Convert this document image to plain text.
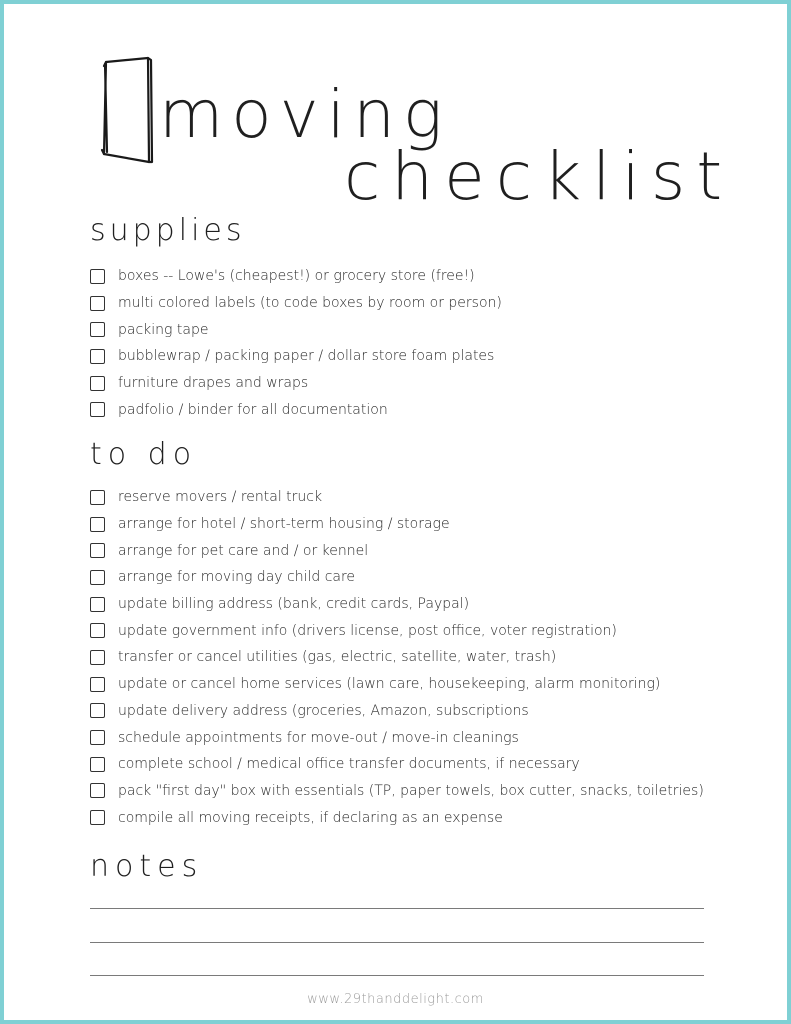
moving
checklist
supplies
boxes -- Lowe's (cheapest!) or grocery store (free!)
multi colored labels (to code boxes by room or person)
packing tape
bubblewrap / packing paper / dollar store foam plates
furniture drapes and wraps
padfolio / binder for all documentation
to do
reserve movers / rental truck
arrange for hotel / short-term housing / storage
arrange for pet care and / or kennel
arrange for moving day child care
update billing address (bank, credit cards, Paypal)
update government info (drivers license, post office, voter registration)
transfer or cancel utilities (gas, electric, satellite, water, trash)
update or cancel home services (lawn care, housekeeping, alarm monitoring)
update delivery address (groceries, Amazon, subscriptions
schedule appointments for move-out / move-in cleanings
complete school / medical office transfer documents, if necessary
pack "first day" box with essentials (TP, paper towels, box cutter, snacks, toiletries)
compile all moving receipts, if declaring as an expense
notes
www.29thanddelight.com
